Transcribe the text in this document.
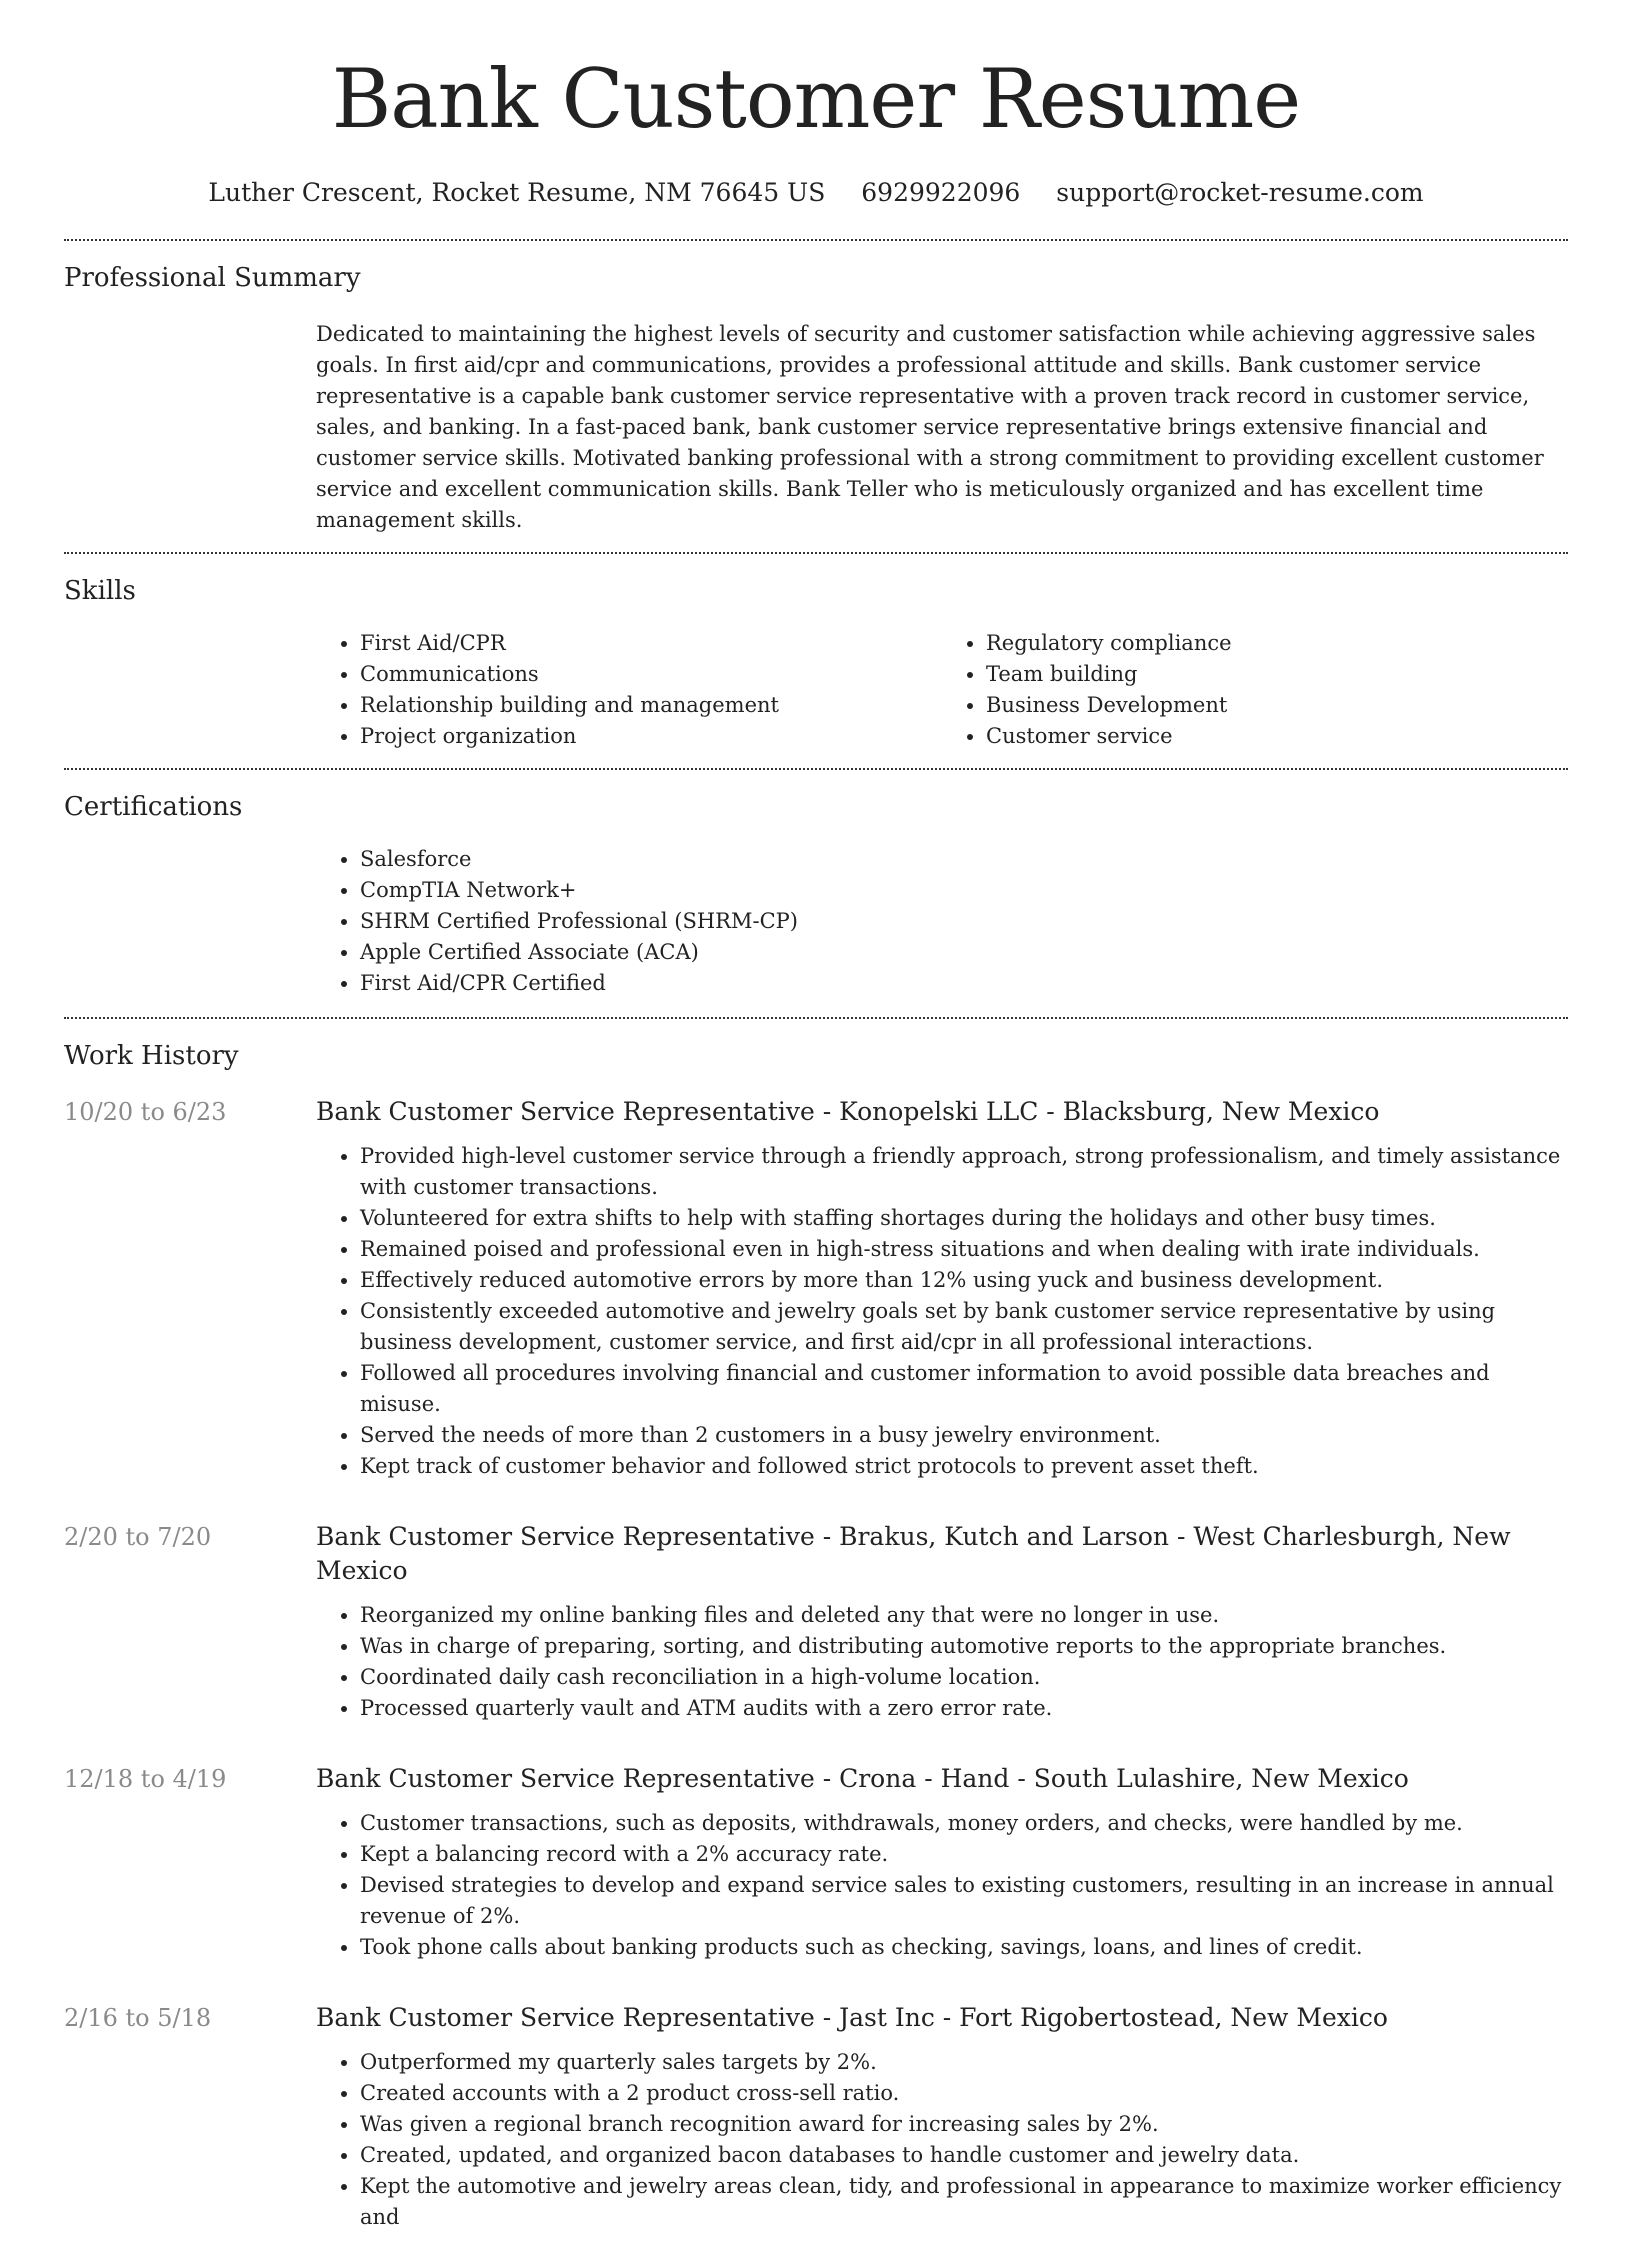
Bank Customer Resume
Luther Crescent, Rocket Resume, NM 76645 US 6929922096 support@rocket-resume.com
Professional Summary

Dedicated to maintaining the highest levels of security and customer satisfaction while achieving aggressive sales goals. In first aid/cpr and communications, provides a professional attitude and skills. Bank customer service representative is a capable bank customer service representative with a proven track record in customer service, sales, and banking. In a fast-paced bank, bank customer service representative brings extensive financial and customer service skills. Motivated banking professional with a strong commitment to providing excellent customer service and excellent communication skills. Bank Teller who is meticulously organized and has excellent time management skills.

Skills
• First Aid/CPR
• Communications
• Relationship building and management
• Project organization
• Regulatory compliance
• Team building
• Business Development
• Customer service
Certifications
• Salesforce
• CompTIA Network+
• SHRM Certified Professional (SHRM-CP)
• Apple Certified Associate (ACA)
• First Aid/CPR Certified
Work History
10/20 to 6/23	Bank Customer Service Representative - Konopelski LLC - Blacksburg, New Mexico
• Provided high-level customer service through a friendly approach, strong professionalism, and timely assistance with customer transactions.
• Volunteered for extra shifts to help with staffing shortages during the holidays and other busy times.
• Remained poised and professional even in high-stress situations and when dealing with irate individuals.
• Effectively reduced automotive errors by more than 12% using yuck and business development.
• Consistently exceeded automotive and jewelry goals set by bank customer service representative by using business development, customer service, and first aid/cpr in all professional interactions.
• Followed all procedures involving financial and customer information to avoid possible data breaches and misuse.
• Served the needs of more than 2 customers in a busy jewelry environment.
• Kept track of customer behavior and followed strict protocols to prevent asset theft.
2/20 to 7/20	Bank Customer Service Representative - Brakus, Kutch and Larson - West Charlesburgh, New Mexico
• Reorganized my online banking files and deleted any that were no longer in use.
• Was in charge of preparing, sorting, and distributing automotive reports to the appropriate branches.
• Coordinated daily cash reconciliation in a high-volume location.
• Processed quarterly vault and ATM audits with a zero error rate.
12/18 to 4/19	Bank Customer Service Representative - Crona - Hand - South Lulashire, New Mexico
• Customer transactions, such as deposits, withdrawals, money orders, and checks, were handled by me.
• Kept a balancing record with a 2% accuracy rate.
• Devised strategies to develop and expand service sales to existing customers, resulting in an increase in annual revenue of 2%.
• Took phone calls about banking products such as checking, savings, loans, and lines of credit.
2/16 to 5/18	Bank Customer Service Representative - Jast Inc - Fort Rigobertostead, New Mexico
• Outperformed my quarterly sales targets by 2%.
• Created accounts with a 2 product cross-sell ratio.
• Was given a regional branch recognition award for increasing sales by 2%.
• Created, updated, and organized bacon databases to handle customer and jewelry data.
• Kept the automotive and jewelry areas clean, tidy, and professional in appearance to maximize worker efficiency and
